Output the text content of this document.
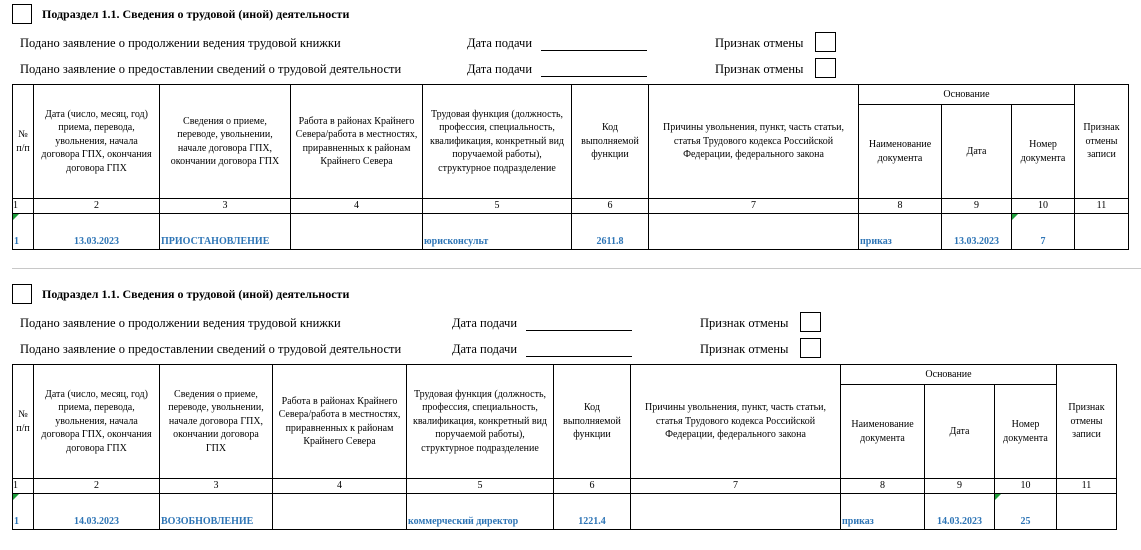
Подраздел 1.1. Сведения о трудовой (иной) деятельности
Подано заявление о продолжении ведения трудовой книжки	Дата подачи	Признак отмены
Подано заявление о предоставлении сведений о трудовой деятельности	Дата подачи	Признак отмены
№ п/п	Дата (число, месяц, год) приема, перевода, увольнения, начала договора ГПХ, окончания договора ГПХ	Сведения о приеме, переводе, увольнении, начале договора ГПХ, окончании договора ГПХ	Работа в районах Крайнего Севера/работа в местностях, приравненных к районам Крайнего Севера	Трудовая функция (должность, профессия, специальность, квалификация, конкретный вид поручаемой работы), структурное подразделение	Код выполняемой функции	Причины увольнения, пункт, часть статьи, статья Трудового кодекса Российской Федерации, федерального закона	Основание			Признак отмены записи
							Наименование документа	Дата	Номер документа	
1	2	3	4	5	6	7	8	9	10	11

1	13.03.2023	ПРИОСТАНОВЛЕНИЕ		юрисконсульт	2611.8		приказ	13.03.2023	7	
Подраздел 1.1. Сведения о трудовой (иной) деятельности
Подано заявление о продолжении ведения трудовой книжки	Дата подачи	Признак отмены
Подано заявление о предоставлении сведений о трудовой деятельности	Дата подачи	Признак отмены
№ п/п	Дата (число, месяц, год) приема, перевода, увольнения, начала договора ГПХ, окончания договора ГПХ	Сведения о приеме, переводе, увольнении, начале договора ГПХ, окончании договора ГПХ	Работа в районах Крайнего Севера/работа в местностях, приравненных к районам Крайнего Севера	Трудовая функция (должность, профессия, специальность, квалификация, конкретный вид поручаемой работы), структурное подразделение	Код выполняемой функции	Причины увольнения, пункт, часть статьи, статья Трудового кодекса Российской Федерации, федерального закона	Основание			Признак отмены записи
							Наименование документа	Дата	Номер документа	
1	2	3	4	5	6	7	8	9	10	11

1	14.03.2023	ВОЗОБНОВЛЕНИЕ		коммерческий директор	1221.4		приказ	14.03.2023	25	
